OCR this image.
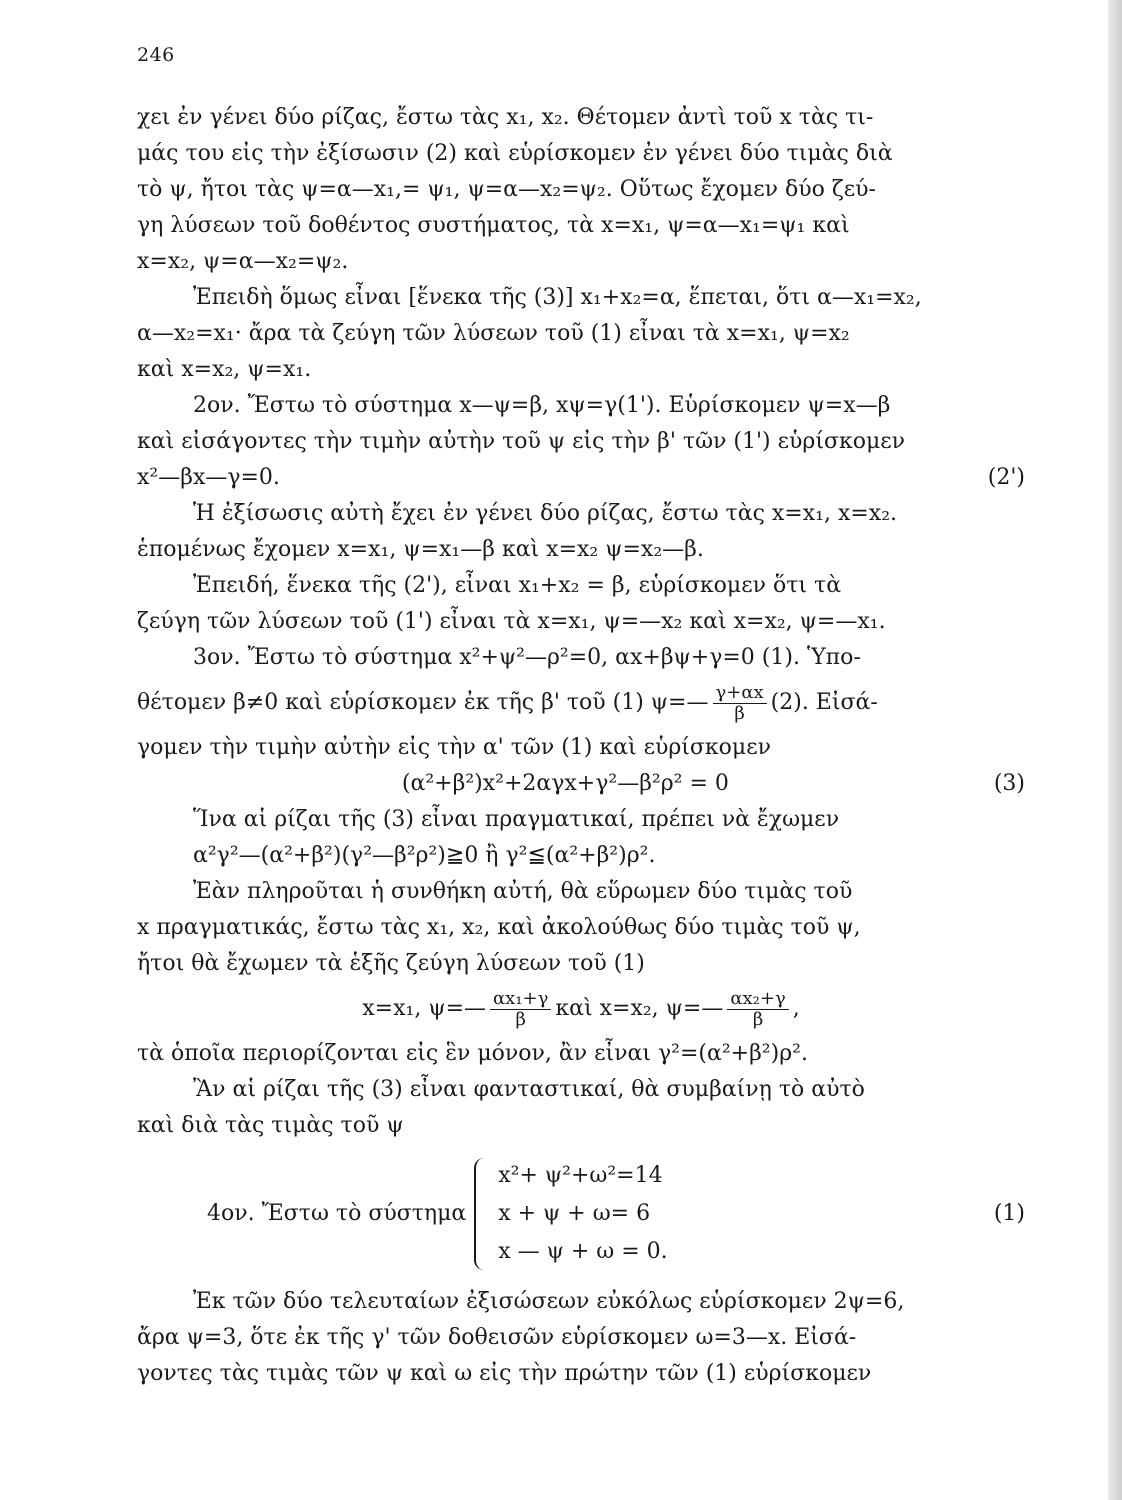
246
χει ἐν γένει δύο ρίζας, ἔστω τὰς x₁, x₂. Θέτομεν ἀντὶ τοῦ x τὰς τι-
μάς του εἰς τὴν ἐξίσωσιν (2) καὶ εὑρίσκομεν ἐν γένει δύο τιμὰς διὰ
τὸ ψ, ἤτοι τὰς ψ=α—x₁,= ψ₁, ψ=α—x₂=ψ₂. Οὕτως ἔχομεν δύο ζεύ-
γη λύσεων τοῦ δοθέντος συστήματος, τὰ x=x₁, ψ=α—x₁=ψ₁ καὶ
x=x₂, ψ=α—x₂=ψ₂.
Ἐπειδὴ ὅμως εἶναι [ἕνεκα τῆς (3)] x₁+x₂=α, ἕπεται, ὅτι α—x₁=x₂,
α—x₂=x₁· ἄρα τὰ ζεύγη τῶν λύσεων τοῦ (1) εἶναι τὰ x=x₁, ψ=x₂
καὶ x=x₂, ψ=x₁.
2ον. Ἔστω τὸ σύστημα x—ψ=β, xψ=γ(1'). Εὑρίσκομεν ψ=x—β
καὶ εἰσάγοντες τὴν τιμὴν αὐτὴν τοῦ ψ εἰς τὴν β' τῶν (1') εὑρίσκομεν
x²—βx—γ=0.	(2')
Ἡ ἐξίσωσις αὐτὴ ἔχει ἐν γένει δύο ρίζας, ἔστω τὰς x=x₁, x=x₂.
ἑπομένως ἔχομεν x=x₁, ψ=x₁—β καὶ x=x₂ ψ=x₂—β.
Ἐπειδή, ἕνεκα τῆς (2'), εἶναι x₁+x₂ = β, εὑρίσκομεν ὅτι τὰ
ζεύγη τῶν λύσεων τοῦ (1') εἶναι τὰ x=x₁, ψ=—x₂ καὶ x=x₂, ψ=—x₁.
3ον. Ἔστω τὸ σύστημα x²+ψ²—ρ²=0, αx+βψ+γ=0 (1). Ὑπο-
θέτομεν β≠0 καὶ εὑρίσκομεν ἐκ τῆς β' τοῦ (1) ψ=— $\frac{\gamma+\alpha x}{\beta} (2)$. Εἰσά-
γομεν τὴν τιμὴν αὐτὴν εἰς τὴν α' τῶν (1) καὶ εὑρίσκομεν
(α²+β²)x²+2αγx+γ²—β²ρ² = 0	(3)
Ἵνα αἱ ρίζαι τῆς (3) εἶναι πραγματικαί, πρέπει νὰ ἔχωμεν
α²γ²—(α²+β²)(γ²—β²ρ²)≧0 ἢ γ²≦(α²+β²)ρ².
Ἐὰν πληροῦται ἡ συνθήκη αὐτή, θὰ εὕρωμεν δύο τιμὰς τοῦ
x πραγματικάς, ἔστω τὰς x₁, x₂, καὶ ἀκολούθως δύο τιμὰς τοῦ ψ,
ἤτοι θὰ ἔχωμεν τὰ ἑξῆς ζεύγη λύσεων τοῦ (1)
x=x₁, ψ=— $\frac{\text{αx₁+γ}}{\beta}$ καὶ x=x₂, ψ=— $\frac{\text{αx₂+γ}}{\beta}$ ,
τὰ ὁποῖα περιορίζονται εἰς ἓν μόνον, ἂν εἶναι γ²=(α²+β²)ρ².
Ἂν αἱ ρίζαι τῆς (3) εἶναι φανταστικαί, θὰ συμβαίνῃ τὸ αὐτὸ
καὶ διὰ τὰς τιμὰς τοῦ ψ
4ον. Ἔστω τὸ σύστημα
x²+ ψ²+ω²=14
x + ψ + ω= 6
x — ψ + ω = 0.
(1)
Ἐκ τῶν δύο τελευταίων ἐξισώσεων εὐκόλως εὑρίσκομεν 2ψ=6,
ἄρα ψ=3, ὅτε ἐκ τῆς γ' τῶν δοθεισῶν εὑρίσκομεν ω=3—x. Εἰσά-
γοντες τὰς τιμὰς τῶν ψ καὶ ω εἰς τὴν πρώτην τῶν (1) εὑρίσκομεν
